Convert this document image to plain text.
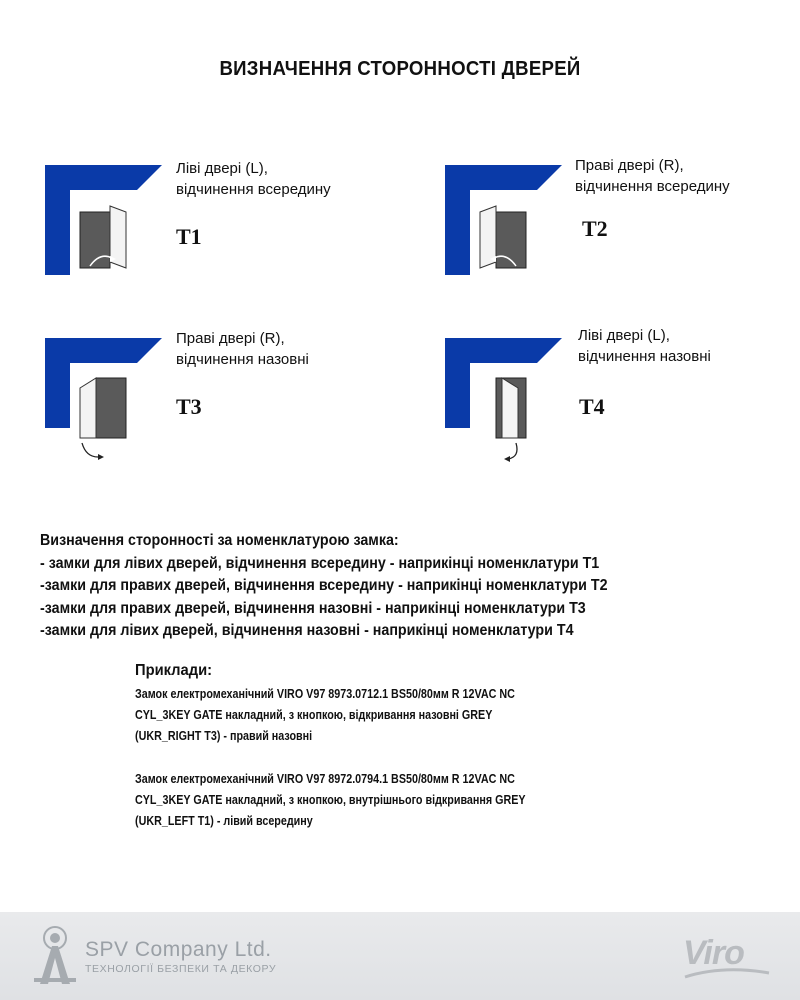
ВИЗНАЧЕННЯ СТОРОННОСТІ ДВЕРЕЙ
Ліві двері (L),
відчинення всередину
T1
Праві двері (R),
відчинення всередину
T2
Праві двері (R),
відчинення назовні
T3
Ліві двері (L),
відчинення назовні
T4
Визначення сторонності за номенклатурою замка:
- замки для лівих дверей, відчинення всередину - наприкінці номенклатури T1
-замки для правих дверей, відчинення всередину - наприкінці номенклатури T2
-замки для правих дверей, відчинення назовні - наприкінці номенклатури T3
-замки для лівих дверей, відчинення назовні - наприкінці номенклатури T4
Приклади:
Замок електромеханічний VIRO V97 8973.0712.1 BS50/80мм R 12VAC NC
CYL_3KEY GATE накладний, з кнопкою, відкривання назовні GREY
(UKR_RIGHT T3) - правий назовні
Замок електромеханічний VIRO V97 8972.0794.1 BS50/80мм R 12VAC NC
CYL_3KEY GATE накладний, з кнопкою, внутрішнього відкривання GREY
(UKR_LEFT T1) - лівий всередину
SPV Company Ltd.
ТЕХНОЛОГІЇ БЕЗПЕКИ ТА ДЕКОРУ	Viro
